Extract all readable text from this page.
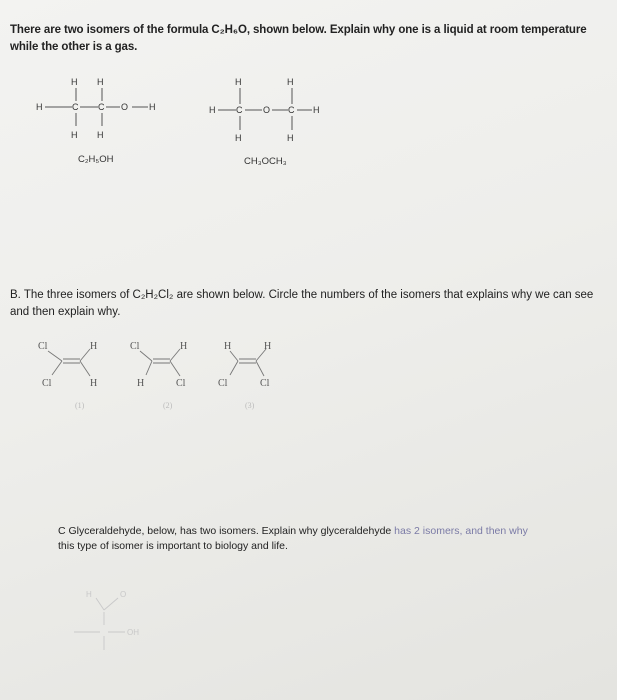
There are two isomers of the formula C₂H₆O, shown below. Explain why one is a liquid at room temperature while the other is a gas.
H H
H	C C O H
H H
H	H
H C O C H
H	H
C₂H₅OH	CH₃OCH₃
Cl	H
Cl	H
(1)
Cl	H
H	Cl
(2)
H	H
Cl	Cl
(3)
H	O
OH
B. The three isomers of C₂H₂Cl₂ are shown below. Circle the numbers of the isomers that explains why we can see and then explain why.
C Glyceraldehyde, below, has two isomers. Explain why glyceraldehyde has 2 isomers, and then why
this type of isomer is important to biology and life.
